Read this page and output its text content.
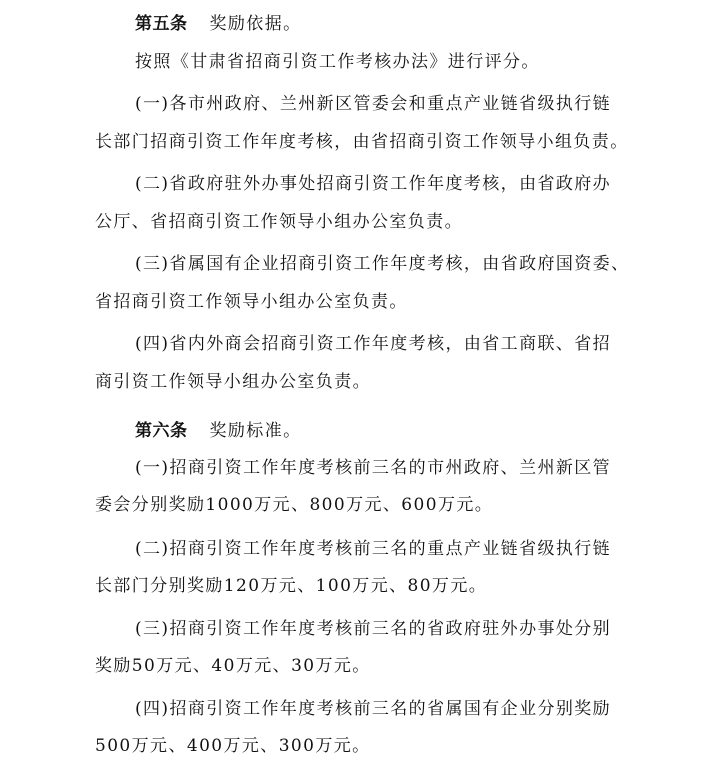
第五条 奖励依据。
按照《甘肃省招商引资工作考核办法》进行评分。
(一)各市州政府、兰州新区管委会和重点产业链省级执行链
长部门招商引资工作年度考核，由省招商引资工作领导小组负责。
(二)省政府驻外办事处招商引资工作年度考核，由省政府办
公厅、省招商引资工作领导小组办公室负责。
(三)省属国有企业招商引资工作年度考核，由省政府国资委、
省招商引资工作领导小组办公室负责。
(四)省内外商会招商引资工作年度考核，由省工商联、省招
商引资工作领导小组办公室负责。
第六条 奖励标准。
(一)招商引资工作年度考核前三名的市州政府、兰州新区管
委会分别奖励1000万元、800万元、600万元。
(二)招商引资工作年度考核前三名的重点产业链省级执行链
长部门分别奖励120万元、100万元、80万元。
(三)招商引资工作年度考核前三名的省政府驻外办事处分别
奖励50万元、40万元、30万元。
(四)招商引资工作年度考核前三名的省属国有企业分别奖励
500万元、400万元、300万元。
